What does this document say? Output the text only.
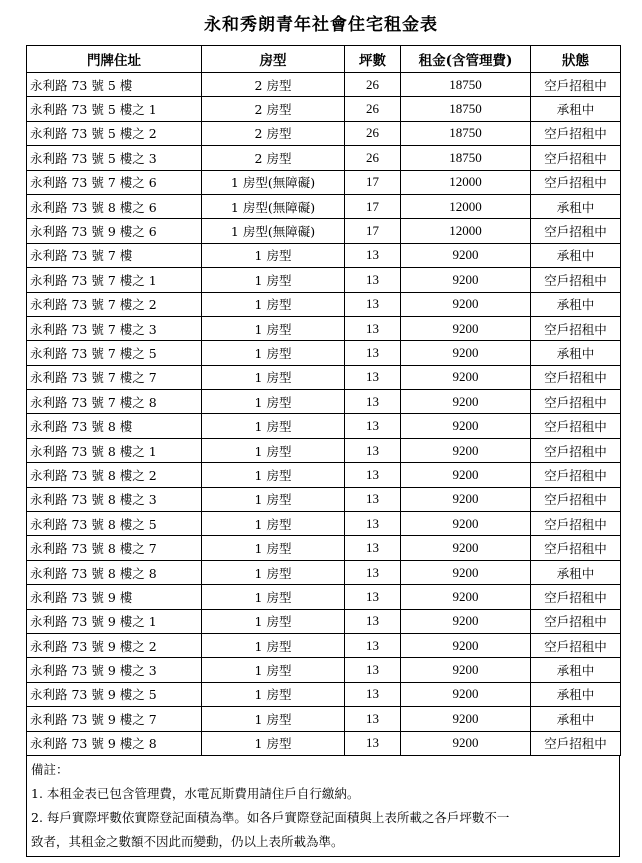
永和秀朗青年社會住宅租金表
門牌住址	房型	坪數	租金(含管理費)	狀態
永利路 73 號 5 樓	2 房型	26	18750	空戶招租中
永利路 73 號 5 樓之 1	2 房型	26	18750	承租中
永利路 73 號 5 樓之 2	2 房型	26	18750	空戶招租中
永利路 73 號 5 樓之 3	2 房型	26	18750	空戶招租中
永利路 73 號 7 樓之 6	1 房型(無障礙)	17	12000	空戶招租中
永利路 73 號 8 樓之 6	1 房型(無障礙)	17	12000	承租中
永利路 73 號 9 樓之 6	1 房型(無障礙)	17	12000	空戶招租中
永利路 73 號 7 樓	1 房型	13	9200	承租中
永利路 73 號 7 樓之 1	1 房型	13	9200	空戶招租中
永利路 73 號 7 樓之 2	1 房型	13	9200	承租中
永利路 73 號 7 樓之 3	1 房型	13	9200	空戶招租中
永利路 73 號 7 樓之 5	1 房型	13	9200	承租中
永利路 73 號 7 樓之 7	1 房型	13	9200	空戶招租中
永利路 73 號 7 樓之 8	1 房型	13	9200	空戶招租中
永利路 73 號 8 樓	1 房型	13	9200	空戶招租中
永利路 73 號 8 樓之 1	1 房型	13	9200	空戶招租中
永利路 73 號 8 樓之 2	1 房型	13	9200	空戶招租中
永利路 73 號 8 樓之 3	1 房型	13	9200	空戶招租中
永利路 73 號 8 樓之 5	1 房型	13	9200	空戶招租中
永利路 73 號 8 樓之 7	1 房型	13	9200	空戶招租中
永利路 73 號 8 樓之 8	1 房型	13	9200	承租中
永利路 73 號 9 樓	1 房型	13	9200	空戶招租中
永利路 73 號 9 樓之 1	1 房型	13	9200	空戶招租中
永利路 73 號 9 樓之 2	1 房型	13	9200	空戶招租中
永利路 73 號 9 樓之 3	1 房型	13	9200	承租中
永利路 73 號 9 樓之 5	1 房型	13	9200	承租中
永利路 73 號 9 樓之 7	1 房型	13	9200	承租中
永利路 73 號 9 樓之 8	1 房型	13	9200	空戶招租中
備註：
1. 本租金表已包含管理費，水電瓦斯費用請住戶自行繳納。
2. 每戶實際坪數依實際登記面積為準。如各戶實際登記面積與上表所載之各戶坪數不一
致者，其租金之數額不因此而變動，仍以上表所載為準。
